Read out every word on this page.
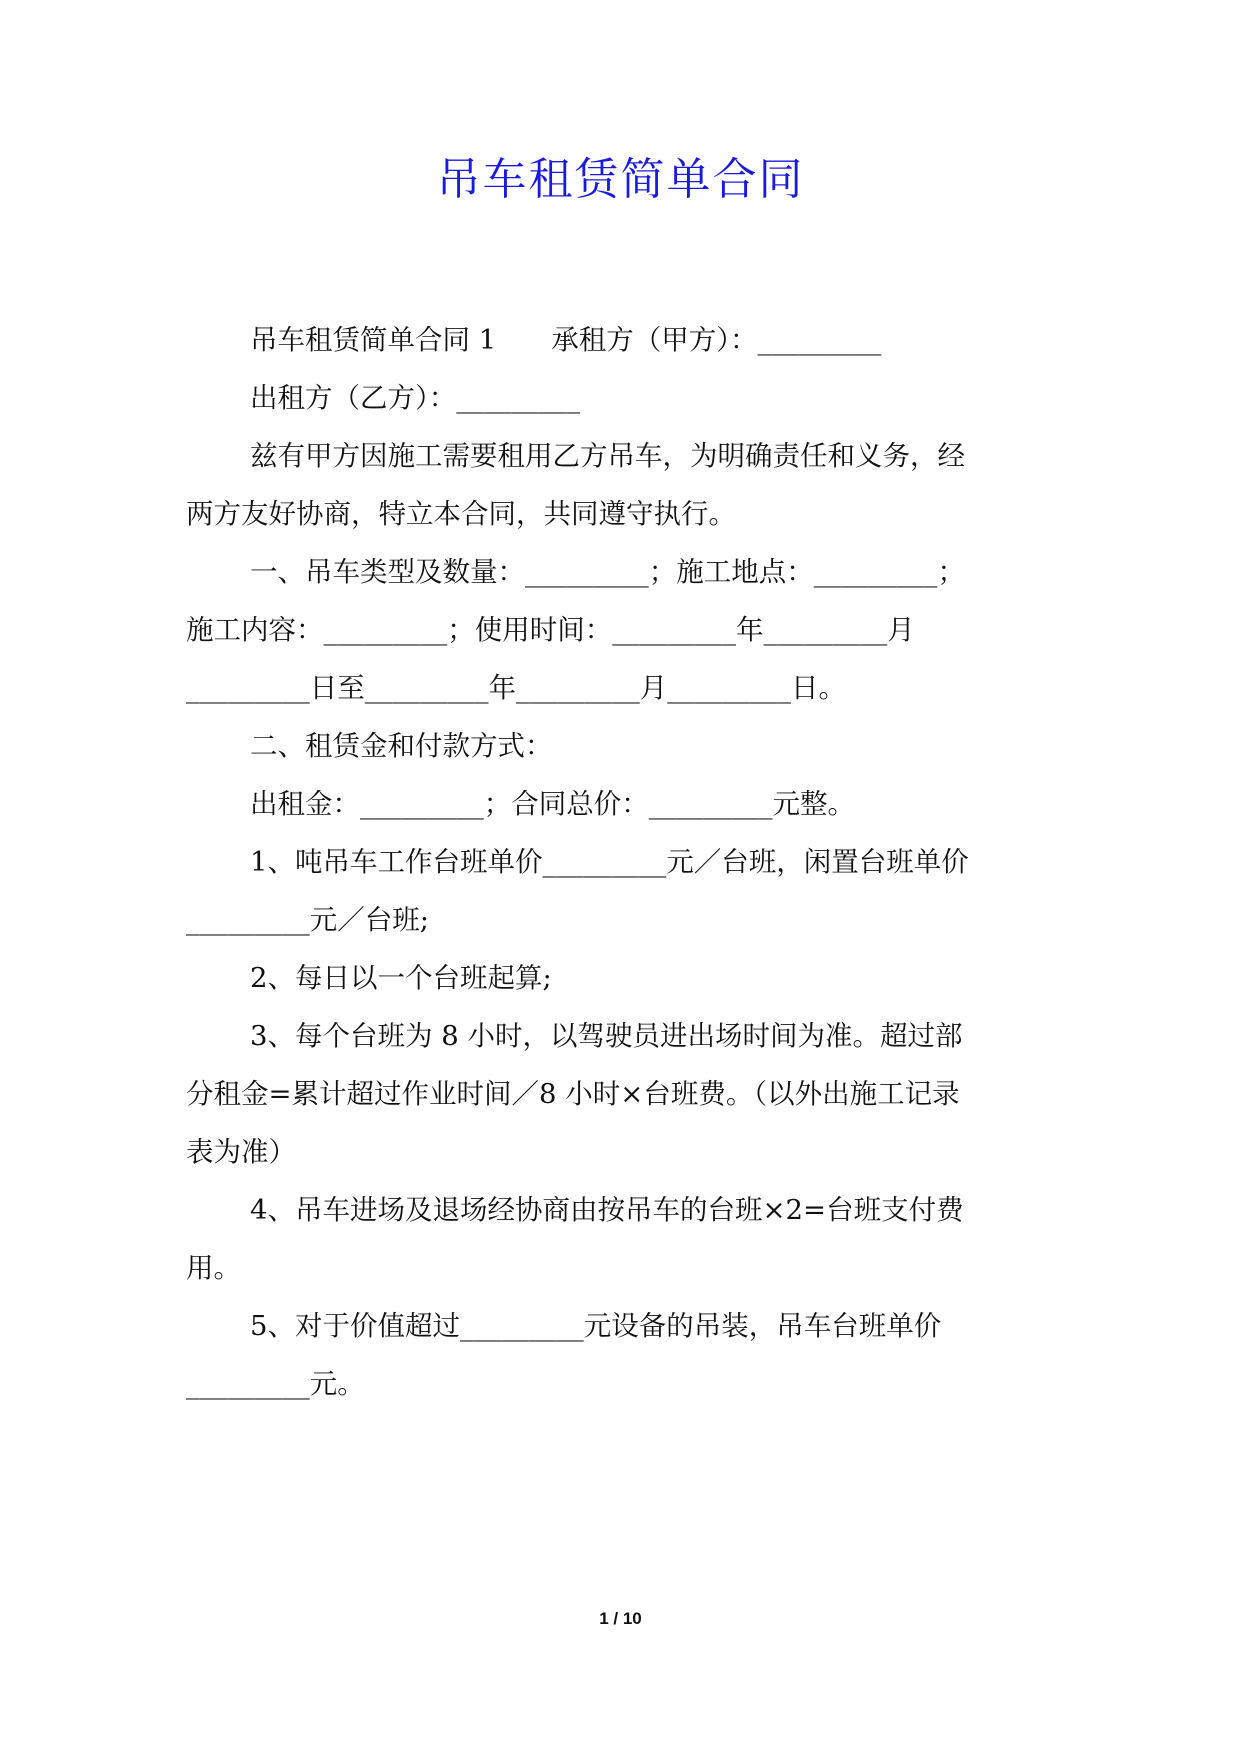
吊车租赁简单合同
吊车租赁简单合同 1　　承租方（甲方）：_________
出租方（乙方）：_________
兹有甲方因施工需要租用乙方吊车，为明确责任和义务，经
两方友好协商，特立本合同，共同遵守执行。
一、吊车类型及数量：_________；施工地点：_________；
施工内容：_________；使用时间：_________年_________月
_________日至_________年_________月_________日。
二、租赁金和付款方式：
出租金：_________；合同总价：_________元整。
1、吨吊车工作台班单价_________元／台班，闲置台班单价
_________元／台班;
2、每日以一个台班起算;
3、每个台班为 8 小时，以驾驶员进出场时间为准。超过部
分租金=累计超过作业时间／8 小时×台班费。（以外出施工记录
表为准）
4、吊车进场及退场经协商由按吊车的台班×2=台班支付费
用。
5、对于价值超过_________元设备的吊装，吊车台班单价
_________元。
1 / 10
